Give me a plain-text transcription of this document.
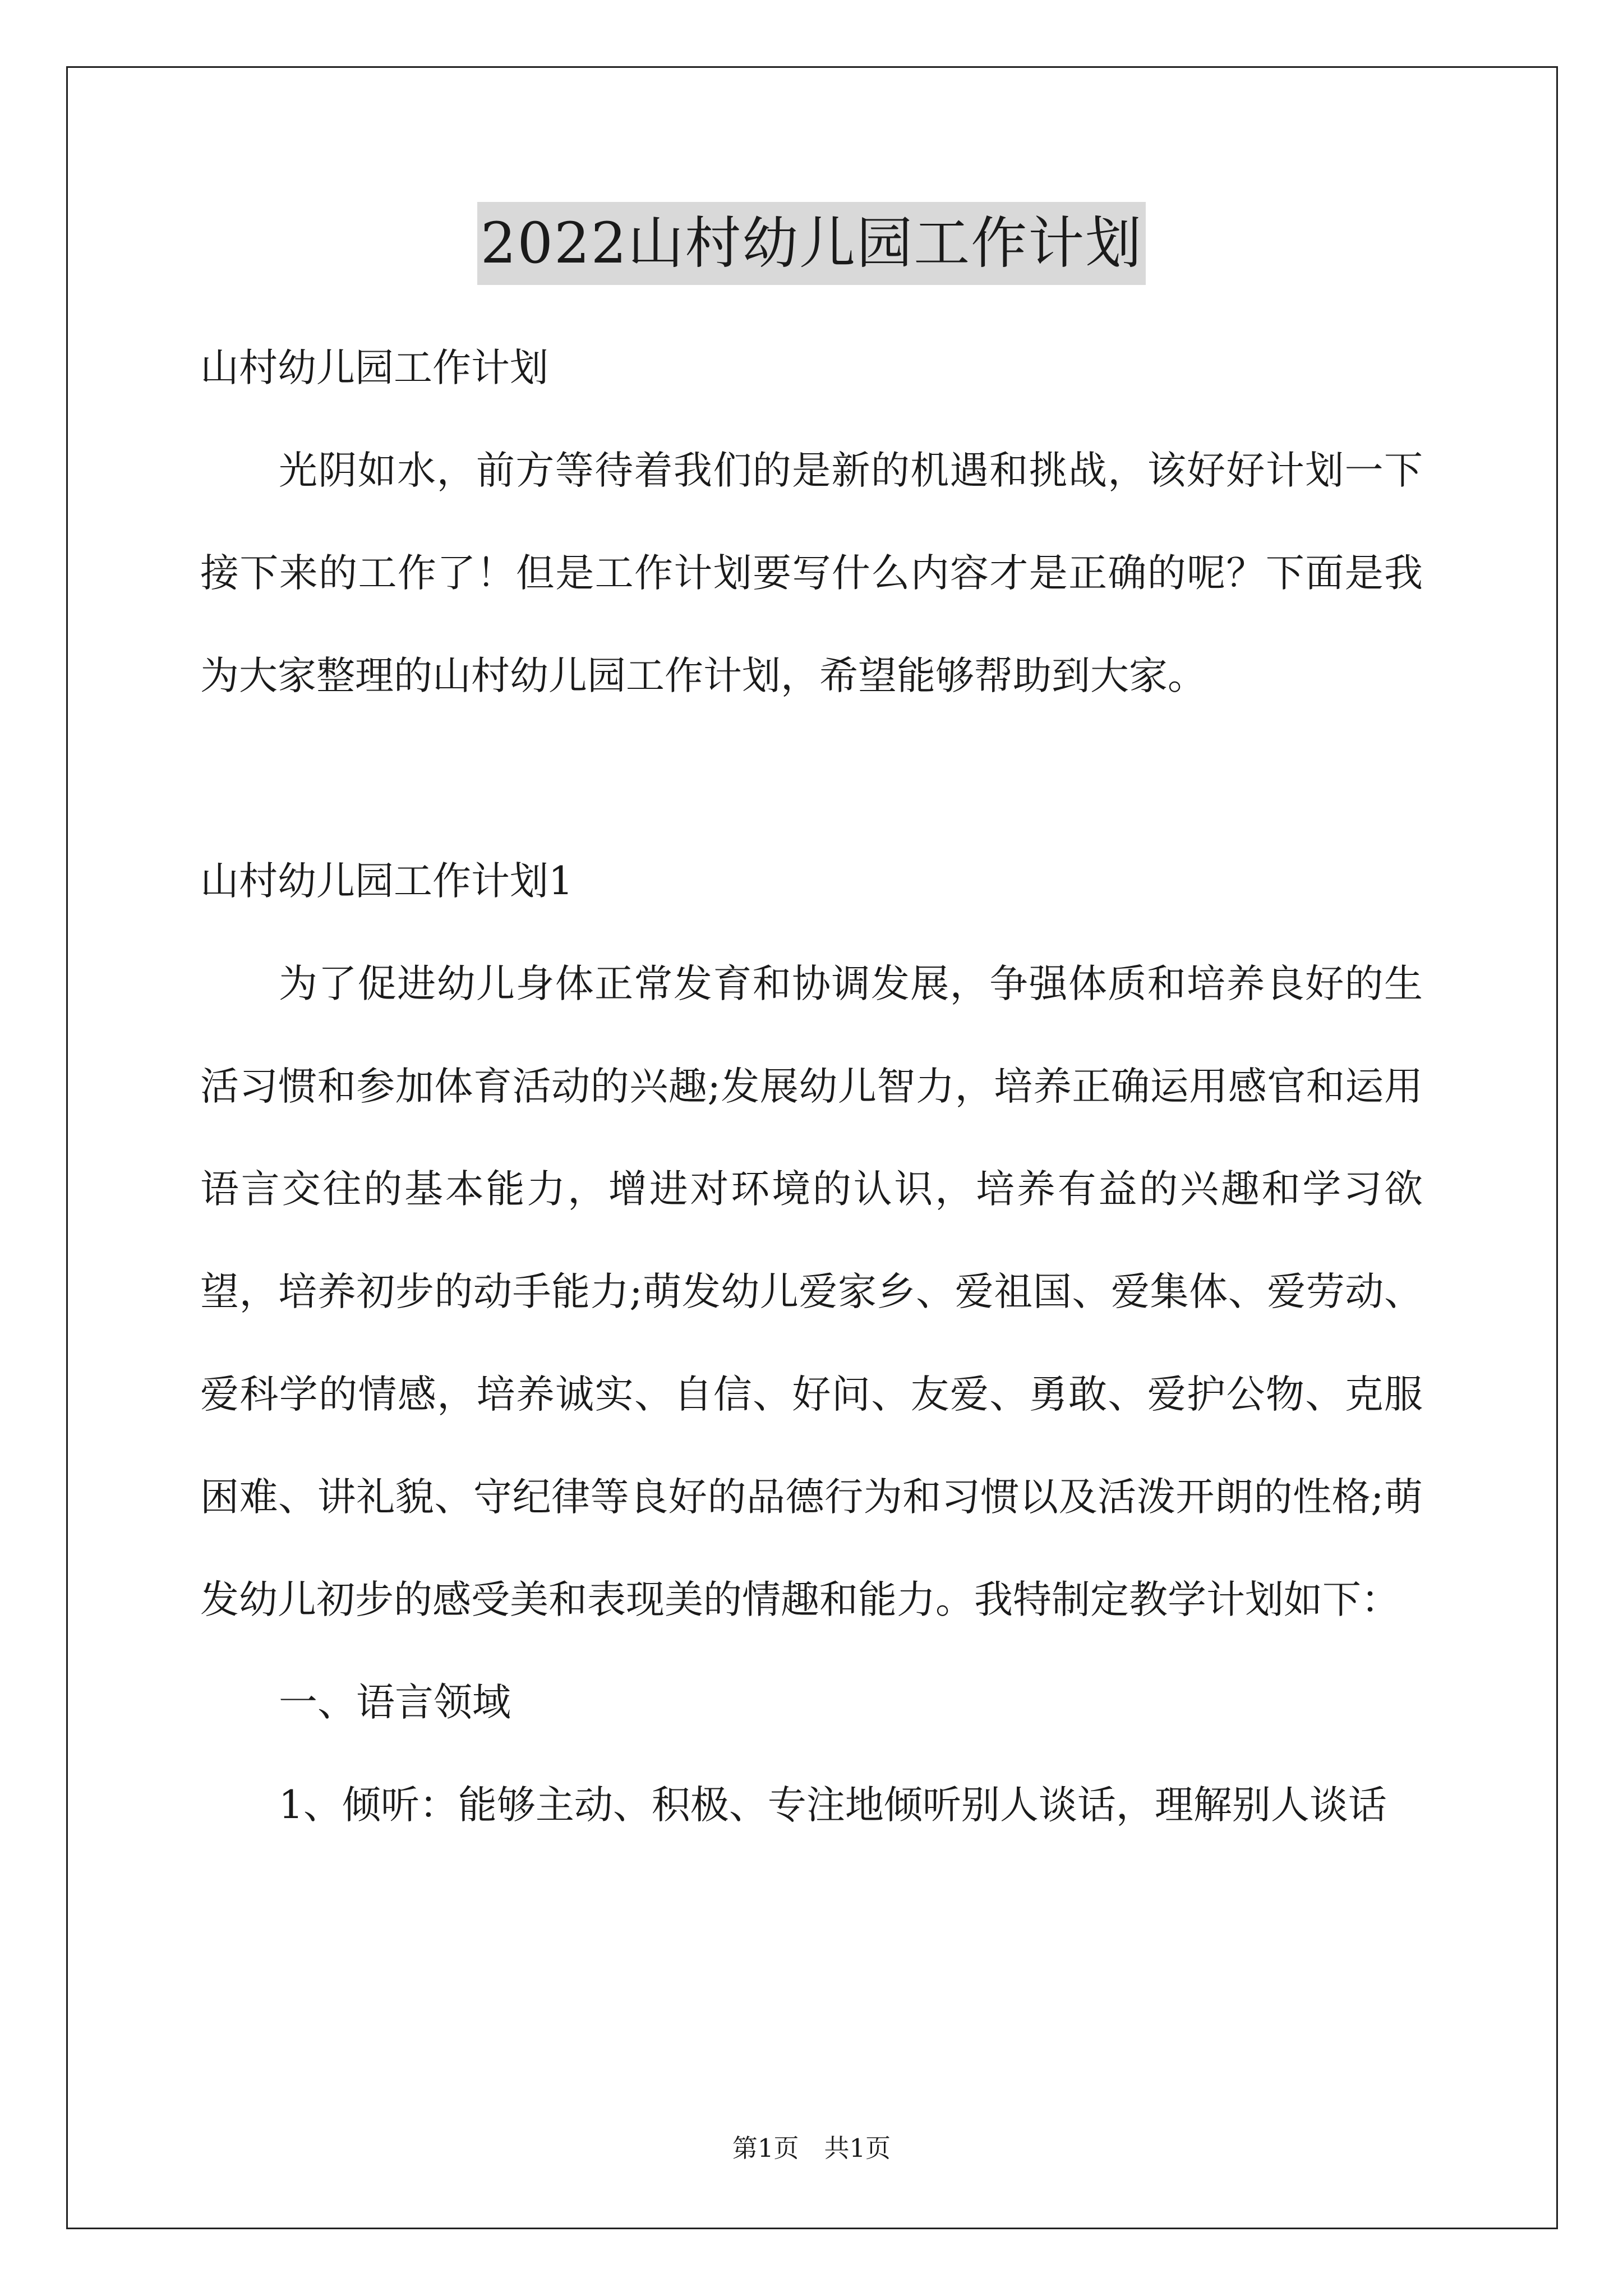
2022山村幼儿园工作计划

山村幼儿园工作计划

光阴如水，前方等待着我们的是新的机遇和挑战，该好好计划一下接下来的工作了！但是工作计划要写什么内容才是正确的呢？下面是我为大家整理的山村幼儿园工作计划，希望能够帮助到大家。

山村幼儿园工作计划1

为了促进幼儿身体正常发育和协调发展，争强体质和培养良好的生活习惯和参加体育活动的兴趣;发展幼儿智力，培养正确运用感官和运用语言交往的基本能力，增进对环境的认识，培养有益的兴趣和学习欲望，培养初步的动手能力;萌发幼儿爱家乡、爱祖国、爱集体、爱劳动、爱科学的情感，培养诚实、自信、好问、友爱、勇敢、爱护公物、克服困难、讲礼貌、守纪律等良好的品德行为和习惯以及活泼开朗的性格;萌发幼儿初步的感受美和表现美的情趣和能力。我特制定教学计划如下：

一、语言领域

1、倾听：能够主动、积极、专注地倾听别人谈话，理解别人谈话

第1页　共1页
